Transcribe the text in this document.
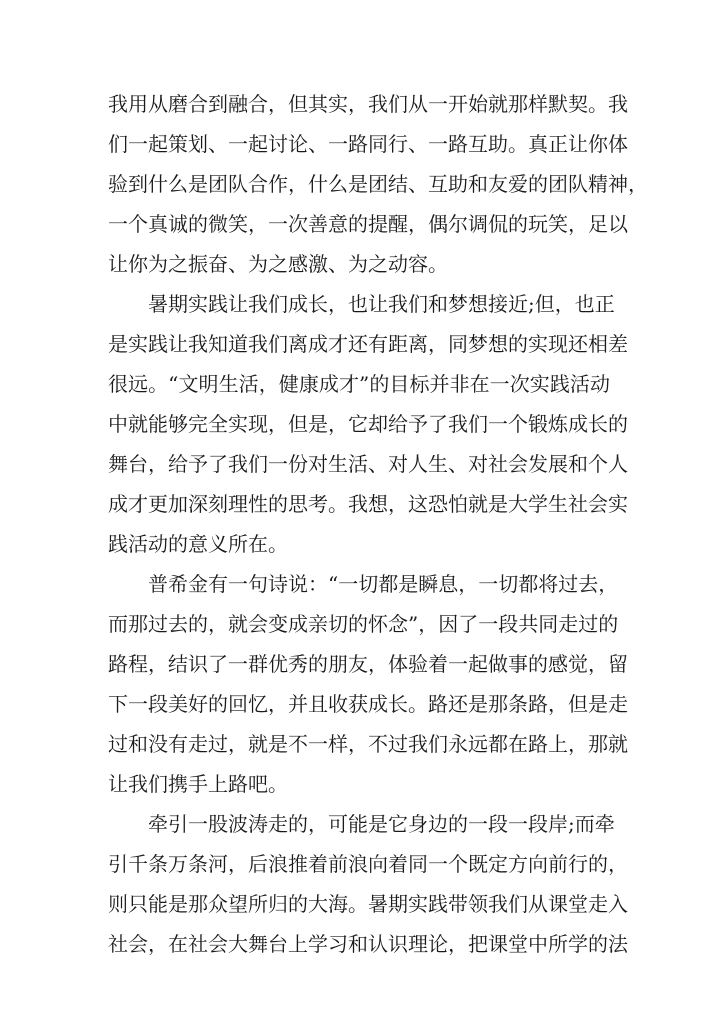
我用从磨合到融合，但其实，我们从一开始就那样默契。我
们一起策划、一起讨论、一路同行、一路互助。真正让你体
验到什么是团队合作，什么是团结、互助和友爱的团队精神，
一个真诚的微笑，一次善意的提醒，偶尔调侃的玩笑，足以
让你为之振奋、为之感激、为之动容。
暑期实践让我们成长，也让我们和梦想接近;但，也正
是实践让我知道我们离成才还有距离，同梦想的实现还相差
很远。“文明生活，健康成才”的目标并非在一次实践活动
中就能够完全实现，但是，它却给予了我们一个锻炼成长的
舞台，给予了我们一份对生活、对人生、对社会发展和个人
成才更加深刻理性的思考。我想，这恐怕就是大学生社会实
践活动的意义所在。
普希金有一句诗说：“一切都是瞬息，一切都将过去，
而那过去的，就会变成亲切的怀念”，因了一段共同走过的
路程，结识了一群优秀的朋友，体验着一起做事的感觉，留
下一段美好的回忆，并且收获成长。路还是那条路，但是走
过和没有走过，就是不一样，不过我们永远都在路上，那就
让我们携手上路吧。
牵引一股波涛走的，可能是它身边的一段一段岸;而牵
引千条万条河，后浪推着前浪向着同一个既定方向前行的，
则只能是那众望所归的大海。暑期实践带领我们从课堂走入
社会，在社会大舞台上学习和认识理论，把课堂中所学的法
